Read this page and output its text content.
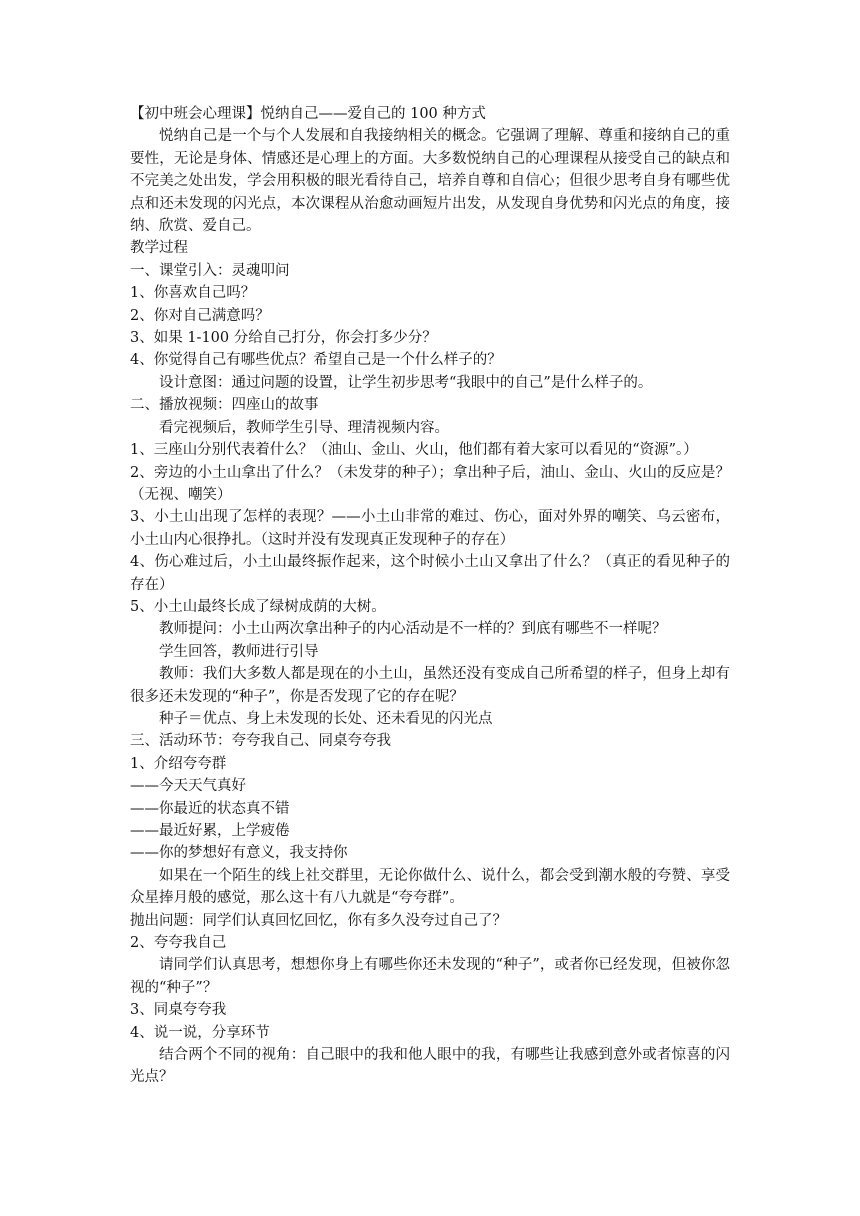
【初中班会心理课】悦纳自己——爱自己的 100 种方式

悦纳自己是一个与个人发展和自我接纳相关的概念。它强调了理解、尊重和接纳自己的重要性，无论是身体、情感还是心理上的方面。大多数悦纳自己的心理课程从接受自己的缺点和不完美之处出发，学会用积极的眼光看待自己，培养自尊和自信心；但很少思考自身有哪些优点和还未发现的闪光点，本次课程从治愈动画短片出发，从发现自身优势和闪光点的角度，接纳、欣赏、爱自己。

教学过程

一、课堂引入：灵魂叩问

1、你喜欢自己吗？

2、你对自己满意吗？

3、如果 1-100 分给自己打分，你会打多少分？

4、你觉得自己有哪些优点？希望自己是一个什么样子的？

设计意图：通过问题的设置，让学生初步思考“我眼中的自己”是什么样子的。

二、播放视频：四座山的故事

看完视频后，教师学生引导、理清视频内容。

1、三座山分别代表着什么？（油山、金山、火山，他们都有着大家可以看见的“资源”。）

2、旁边的小土山拿出了什么？（未发芽的种子）；拿出种子后，油山、金山、火山的反应是？（无视、嘲笑）

3、小土山出现了怎样的表现？——小土山非常的难过、伤心，面对外界的嘲笑、乌云密布，小土山内心很挣扎。（这时并没有发现真正发现种子的存在）

4、伤心难过后，小土山最终振作起来，这个时候小土山又拿出了什么？（真正的看见种子的存在）

5、小土山最终长成了绿树成荫的大树。

教师提问：小土山两次拿出种子的内心活动是不一样的？到底有哪些不一样呢？

学生回答，教师进行引导

教师：我们大多数人都是现在的小土山，虽然还没有变成自己所希望的样子，但身上却有很多还未发现的“种子”，你是否发现了它的存在呢？

种子＝优点、身上未发现的长处、还未看见的闪光点

三、活动环节：夸夸我自己、同桌夸夸我

1、介绍夸夸群

——今天天气真好

——你最近的状态真不错

——最近好累，上学疲倦

——你的梦想好有意义，我支持你

如果在一个陌生的线上社交群里，无论你做什么、说什么，都会受到潮水般的夸赞、享受众星捧月般的感觉，那么这十有八九就是“夸夸群”。

抛出问题：同学们认真回忆回忆，你有多久没夸过自己了？

2、夸夸我自己

请同学们认真思考，想想你身上有哪些你还未发现的“种子”，或者你已经发现，但被你忽视的“种子”？

3、同桌夸夸我

4、说一说，分享环节

结合两个不同的视角：自己眼中的我和他人眼中的我，有哪些让我感到意外或者惊喜的闪光点？
